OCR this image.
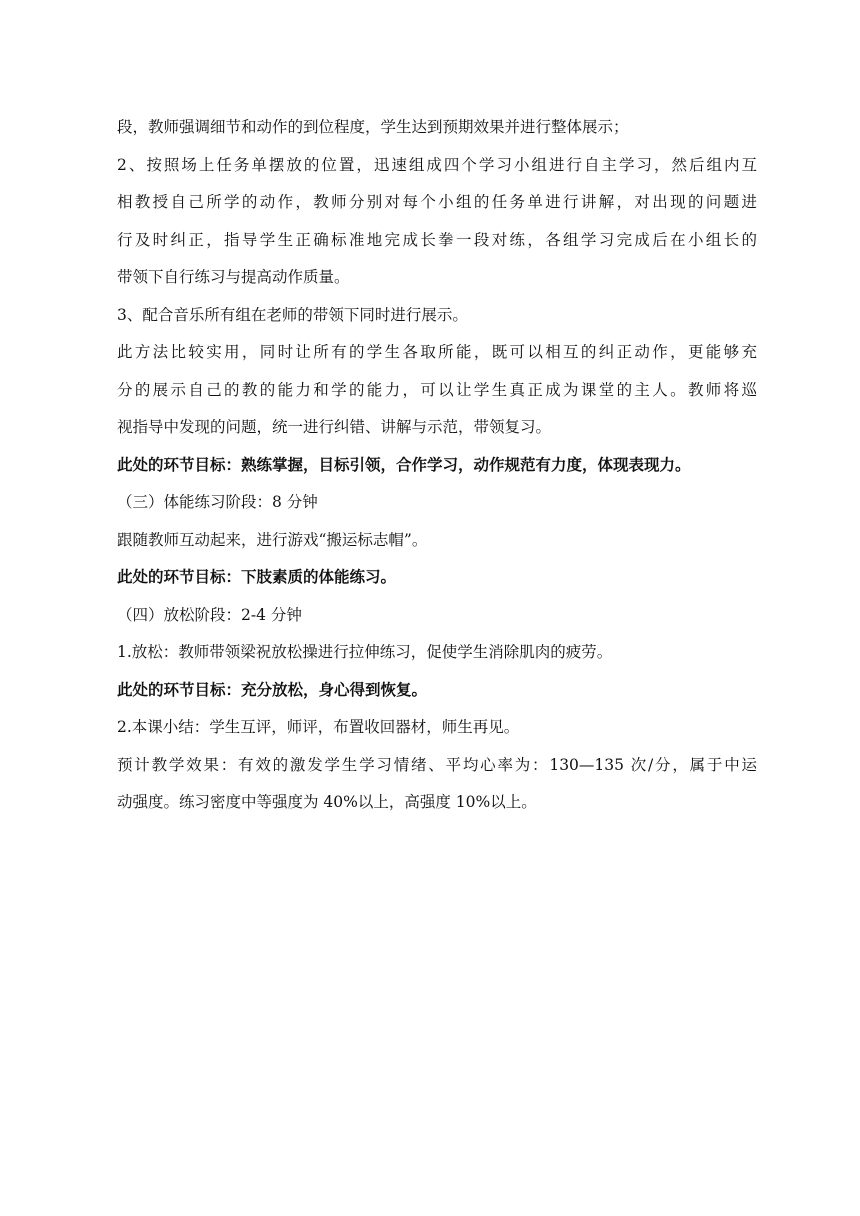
段，教师强调细节和动作的到位程度，学生达到预期效果并进行整体展示；
2、按照场上任务单摆放的位置，迅速组成四个学习小组进行自主学习，然后组内互
相教授自己所学的动作，教师分别对每个小组的任务单进行讲解，对出现的问题进
行及时纠正，指导学生正确标准地完成长拳一段对练，各组学习完成后在小组长的
带领下自行练习与提高动作质量。
3、配合音乐所有组在老师的带领下同时进行展示。
此方法比较实用，同时让所有的学生各取所能，既可以相互的纠正动作，更能够充
分的展示自己的教的能力和学的能力，可以让学生真正成为课堂的主人。教师将巡
视指导中发现的问题，统一进行纠错、讲解与示范，带领复习。
此处的环节目标：熟练掌握，目标引领，合作学习，动作规范有力度，体现表现力。
（三）体能练习阶段：8 分钟
跟随教师互动起来，进行游戏“搬运标志帽”。
此处的环节目标：下肢素质的体能练习。
（四）放松阶段：2-4 分钟
1.放松：教师带领梁祝放松操进行拉伸练习，促使学生消除肌肉的疲劳。
此处的环节目标：充分放松，身心得到恢复。
2.本课小结：学生互评，师评，布置收回器材，师生再见。
预计教学效果：有效的激发学生学习情绪、平均心率为：130—135 次/分，属于中运
动强度。练习密度中等强度为 40%以上，高强度 10%以上。
